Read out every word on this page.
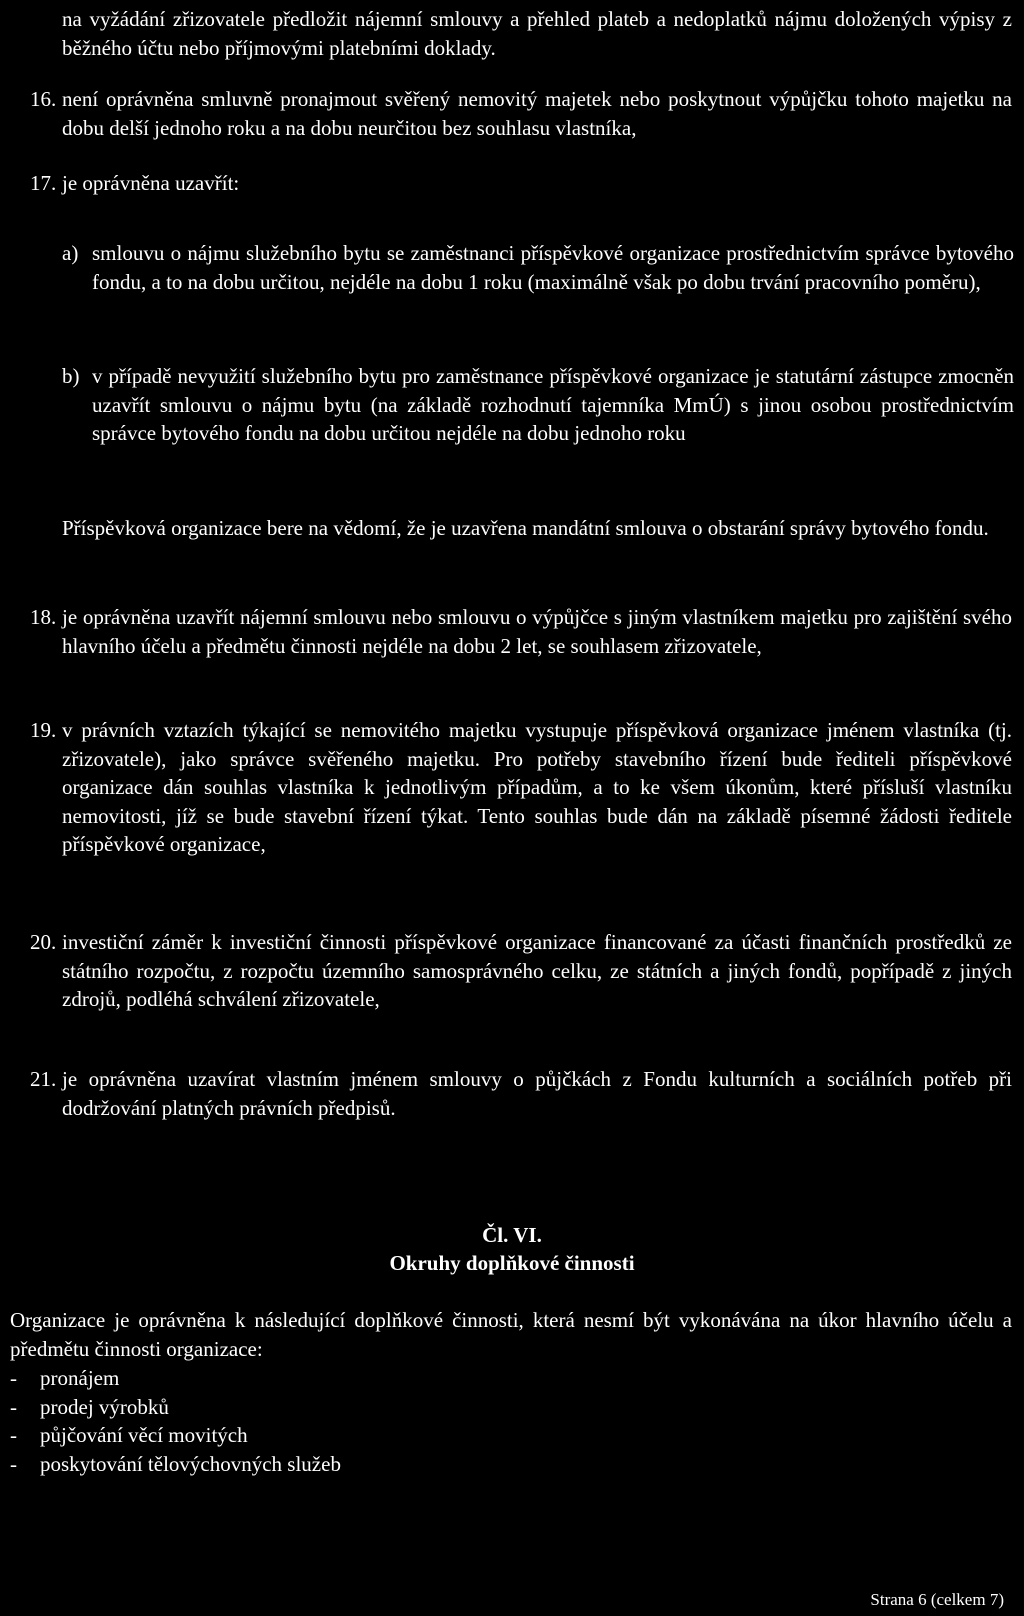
na vyžádání zřizovatele předložit nájemní smlouvy a přehled plateb a nedoplatků nájmu doložených výpisy z běžného účtu nebo příjmovými platebními doklady.
16. není oprávněna smluvně pronajmout svěřený nemovitý majetek nebo poskytnout výpůjčku tohoto majetku na dobu delší jednoho roku a na dobu neurčitou bez souhlasu vlastníka,
17. je oprávněna uzavřít:
a) smlouvu o nájmu služebního bytu se zaměstnanci příspěvkové organizace prostřednictvím správce bytového fondu, a to na dobu určitou, nejdéle na dobu 1 roku (maximálně však po dobu trvání pracovního poměru),
b) v případě nevyužití služebního bytu pro zaměstnance příspěvkové organizace je statutární zástupce zmocněn uzavřít smlouvu o nájmu bytu (na základě rozhodnutí tajemníka MmÚ) s jinou osobou prostřednictvím správce bytového fondu na dobu určitou nejdéle na dobu jednoho roku
Příspěvková organizace bere na vědomí, že je uzavřena mandátní smlouva o obstarání správy bytového fondu.
18. je oprávněna uzavřít nájemní smlouvu nebo smlouvu o výpůjčce s jiným vlastníkem majetku pro zajištění svého hlavního účelu a předmětu činnosti nejdéle na dobu 2 let, se souhlasem zřizovatele,
19. v právních vztazích týkající se nemovitého majetku vystupuje příspěvková organizace jménem vlastníka (tj. zřizovatele), jako správce svěřeného majetku. Pro potřeby stavebního řízení bude řediteli příspěvkové organizace dán souhlas vlastníka k jednotlivým případům, a to ke všem úkonům, které přísluší vlastníku nemovitosti, jíž se bude stavební řízení týkat. Tento souhlas bude dán na základě písemné žádosti ředitele příspěvkové organizace,
20. investiční záměr k investiční činnosti příspěvkové organizace financované za účasti finančních prostředků ze státního rozpočtu, z rozpočtu územního samosprávného celku, ze státních a jiných fondů, popřípadě z jiných zdrojů, podléhá schválení zřizovatele,
21. je oprávněna uzavírat vlastním jménem smlouvy o půjčkách z Fondu kulturních a sociálních potřeb při dodržování platných právních předpisů.
Čl. VI.
Okruhy doplňkové činnosti
Organizace je oprávněna k následující doplňkové činnosti, která nesmí být vykonávána na úkor hlavního účelu a předmětu činnosti organizace:
- pronájem
- prodej výrobků
- půjčování věcí movitých
- poskytování tělovýchovných služeb
Strana 6 (celkem 7)
